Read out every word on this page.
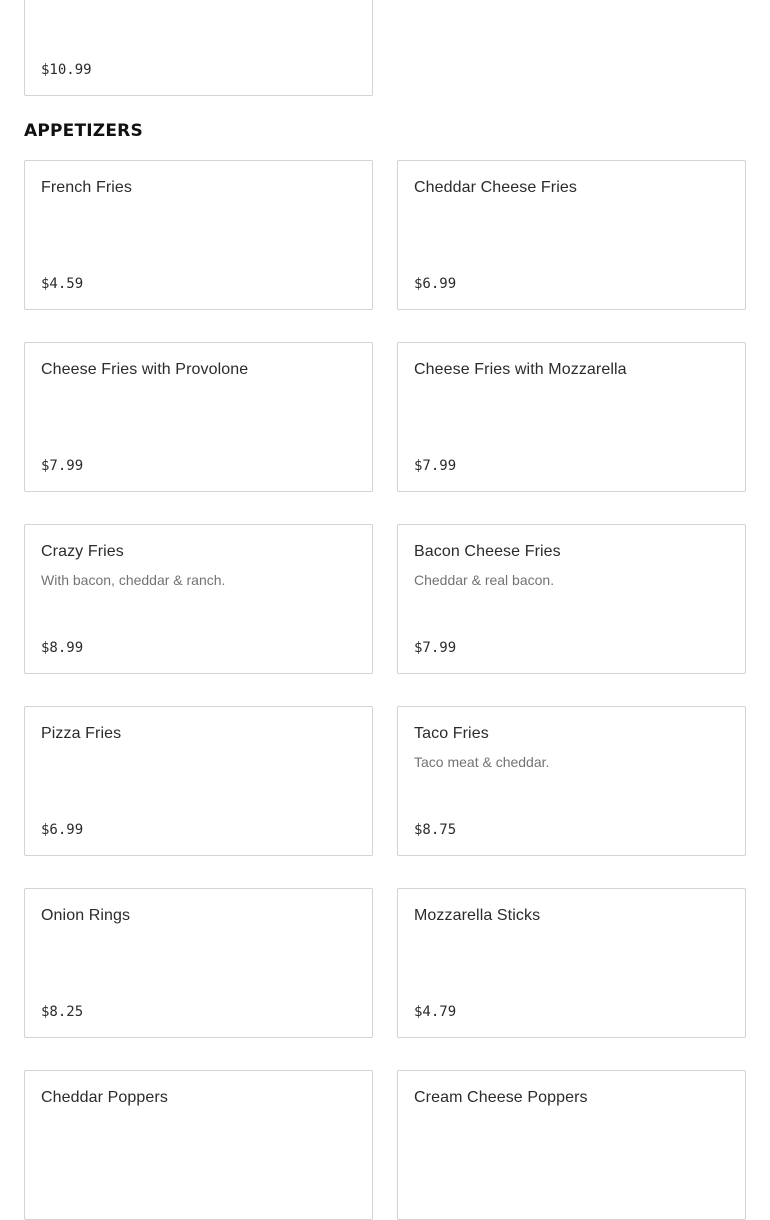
$10.99
APPETIZERS
French Fries
$4.59
Cheddar Cheese Fries
$6.99
Cheese Fries with Provolone
$7.99
Cheese Fries with Mozzarella
$7.99
Crazy Fries
With bacon, cheddar & ranch.
$8.99
Bacon Cheese Fries
Cheddar & real bacon.
$7.99
Pizza Fries
$6.99
Taco Fries
Taco meat & cheddar.
$8.75
Onion Rings
$8.25
Mozzarella Sticks
$4.79
Cheddar Poppers	Cream Cheese Poppers
